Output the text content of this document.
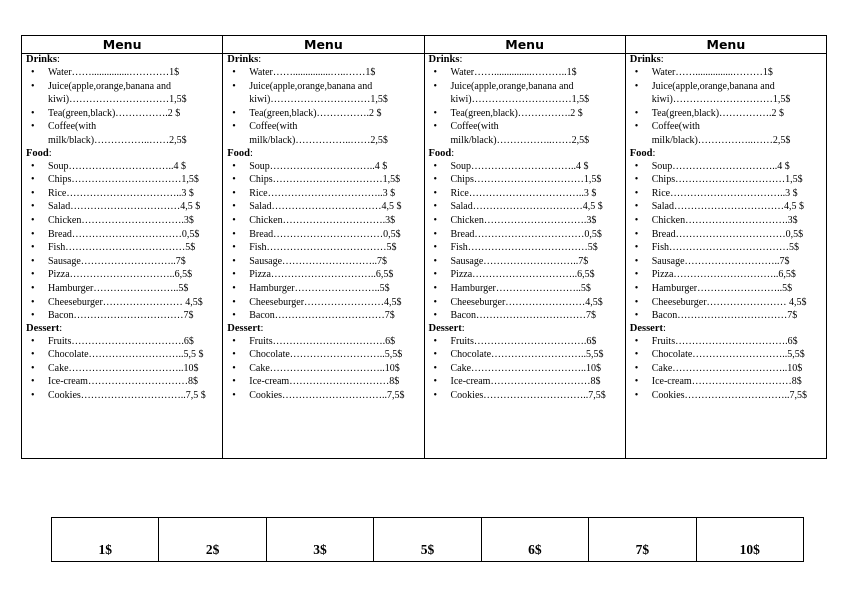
Menu
Drinks:
• Water……...............…………1$
• Juice(apple,orange,banana and kiwi)…………………………1,5$
• Tea(green,black)…………….2 $
• Coffee(with milk/black)……………..……2,5$
Food:
• Soup…………………………..4 $
• Chips……………………………1,5$
• Rice……………………………..3 $
• Salad……………………………4,5 $
• Chicken………………………….3$
• Bread……………………………0,5$
• Fish………………………………5$
• Sausage………………………..7$
• Pizza…………………………..6,5$
• Hamburger……………………..5$
• Cheeseburger…………………… 4,5$
• Bacon……………………………7$
Dessert:
• Fruits…………………………….6$
• Chocolate………………………..5,5 $
• Cake……………………………..10$
• Ice-cream…………………………8$
• Cookies…………………………..7,5 $

Menu
Drinks:
• Water……...............…..……1$
• Juice(apple,orange,banana and kiwi)…………………………1,5$
• Tea(green,black)…………….2 $
• Coffee(with milk/black)……………..……2,5$
Food:
• Soup…………………………..4 $
• Chips……………………………1,5$
• Rice……………………………..3 $
• Salad……………………………4,5 $
• Chicken………………………….3$
• Bread……………………………0,5$
• Fish………………………………5$
• Sausage………………………..7$
• Pizza…………………………..6,5$
• Hamburger……………………..5$
• Cheeseburger……………………4,5$
• Bacon……………………………7$
Dessert:
• Fruits…………………………….6$
• Chocolate………………………..5,5$
• Cake……………………………..10$
• Ice-cream…………………………8$
• Cookies…………………………..7,5$

Menu
Drinks:
• Water……...............………..1$
• Juice(apple,orange,banana and kiwi)…………………………1,5$
• Tea(green,black)…………….2 $
• Coffee(with milk/black)……………..……2,5$
Food:
• Soup…………………………..4 $
• Chips……………………………1,5$
• Rice……………………………..3 $
• Salad……………………………4,5 $
• Chicken………………………….3$
• Bread……………………………0,5$
• Fish………………………………5$
• Sausage………………………..7$
• Pizza…………………………..6,5$
• Hamburger……………………..5$
• Cheeseburger……………………4,5$
• Bacon……………………………7$
Dessert:
• Fruits…………………………….6$
• Chocolate………………………..5,5$
• Cake……………………………..10$
• Ice-cream…………………………8$
• Cookies…………………………..7,5$

Menu
Drinks:
• Water……...............………1$
• Juice(apple,orange,banana and kiwi)…………………………1,5$
• Tea(green,black)…………….2 $
• Coffee(with milk/black)……………..……2,5$
Food:
• Soup…………………………..4 $
• Chips……………………………1,5$
• Rice……………………………..3 $
• Salad……………………………4,5 $
• Chicken………………………….3$
• Bread……………………………0,5$
• Fish………………………………5$
• Sausage………………………..7$
• Pizza…………………………..6,5$
• Hamburger……………………..5$
• Cheeseburger…………………… 4,5$
• Bacon……………………………7$
Dessert:
• Fruits…………………………….6$
• Chocolate………………………..5,5$
• Cake……………………………..10$
• Ice-cream…………………………8$
• Cookies…………………………..7,5$
1$	2$	3$	5$	6$	7$	10$
